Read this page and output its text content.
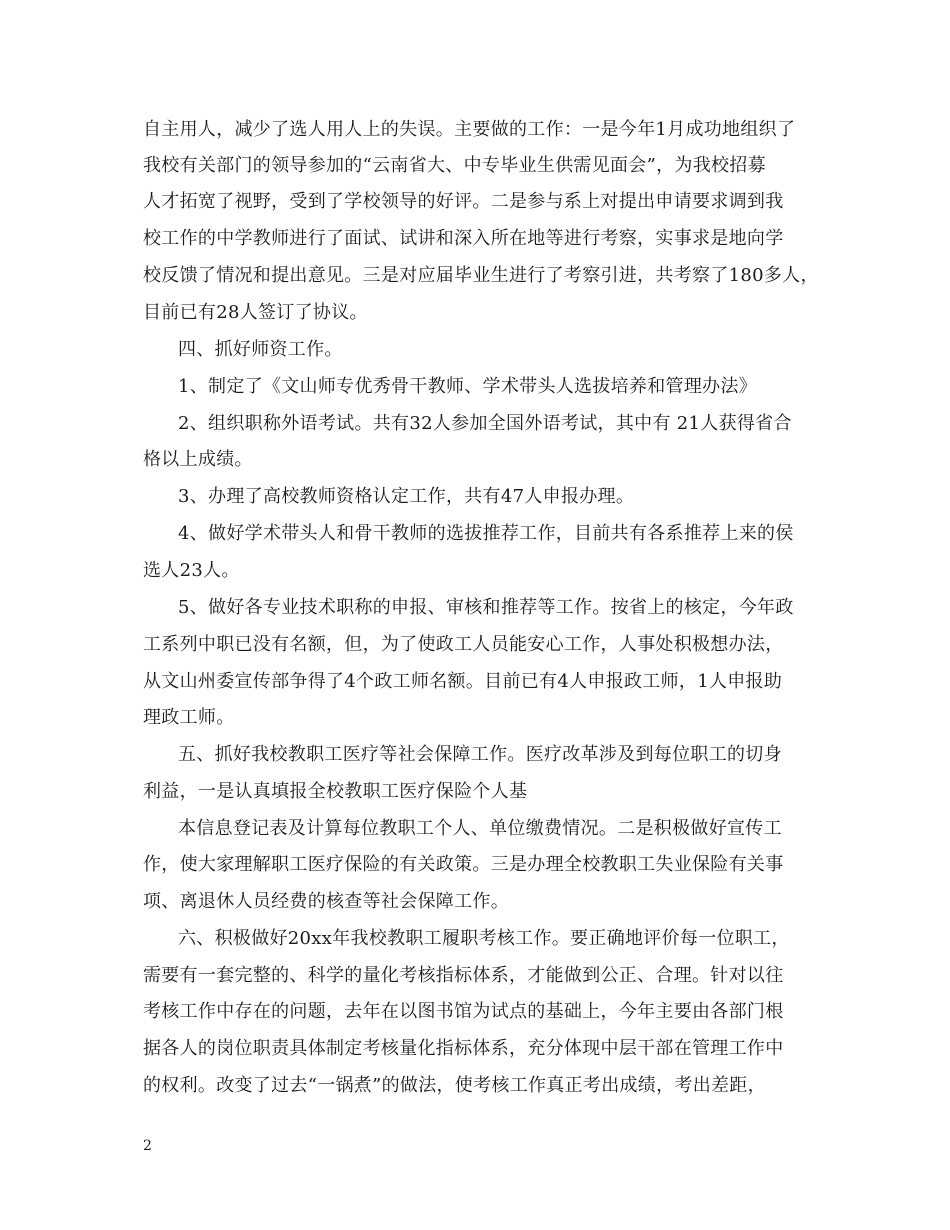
自主用人，减少了选人用人上的失误。主要做的工作：一是今年1月成功地组织了
我校有关部门的领导参加的“云南省大、中专毕业生供需见面会”，为我校招募
人才拓宽了视野，受到了学校领导的好评。二是参与系上对提出申请要求调到我
校工作的中学教师进行了面试、试讲和深入所在地等进行考察，实事求是地向学
校反馈了情况和提出意见。三是对应届毕业生进行了考察引进，共考察了180多人，
目前已有28人签订了协议。
四、抓好师资工作。
1、制定了《文山师专优秀骨干教师、学术带头人选拔培养和管理办法》
2、组织职称外语考试。共有32人参加全国外语考试，其中有 21人获得省合
格以上成绩。
3、办理了高校教师资格认定工作，共有47人申报办理。
4、做好学术带头人和骨干教师的选拔推荐工作，目前共有各系推荐上来的侯
选人23人。
5、做好各专业技术职称的申报、审核和推荐等工作。按省上的核定，今年政
工系列中职已没有名额，但，为了使政工人员能安心工作，人事处积极想办法，
从文山州委宣传部争得了4个政工师名额。目前已有4人申报政工师，1人申报助
理政工师。
五、抓好我校教职工医疗等社会保障工作。医疗改革涉及到每位职工的切身
利益，一是认真填报全校教职工医疗保险个人基
本信息登记表及计算每位教职工个人、单位缴费情况。二是积极做好宣传工
作，使大家理解职工医疗保险的有关政策。三是办理全校教职工失业保险有关事
项、离退休人员经费的核查等社会保障工作。
六、积极做好20xx年我校教职工履职考核工作。要正确地评价每一位职工，
需要有一套完整的、科学的量化考核指标体系，才能做到公正、合理。针对以往
考核工作中存在的问题，去年在以图书馆为试点的基础上，今年主要由各部门根
据各人的岗位职责具体制定考核量化指标体系，充分体现中层干部在管理工作中
的权利。改变了过去“一锅煮”的做法，使考核工作真正考出成绩，考出差距，
2
